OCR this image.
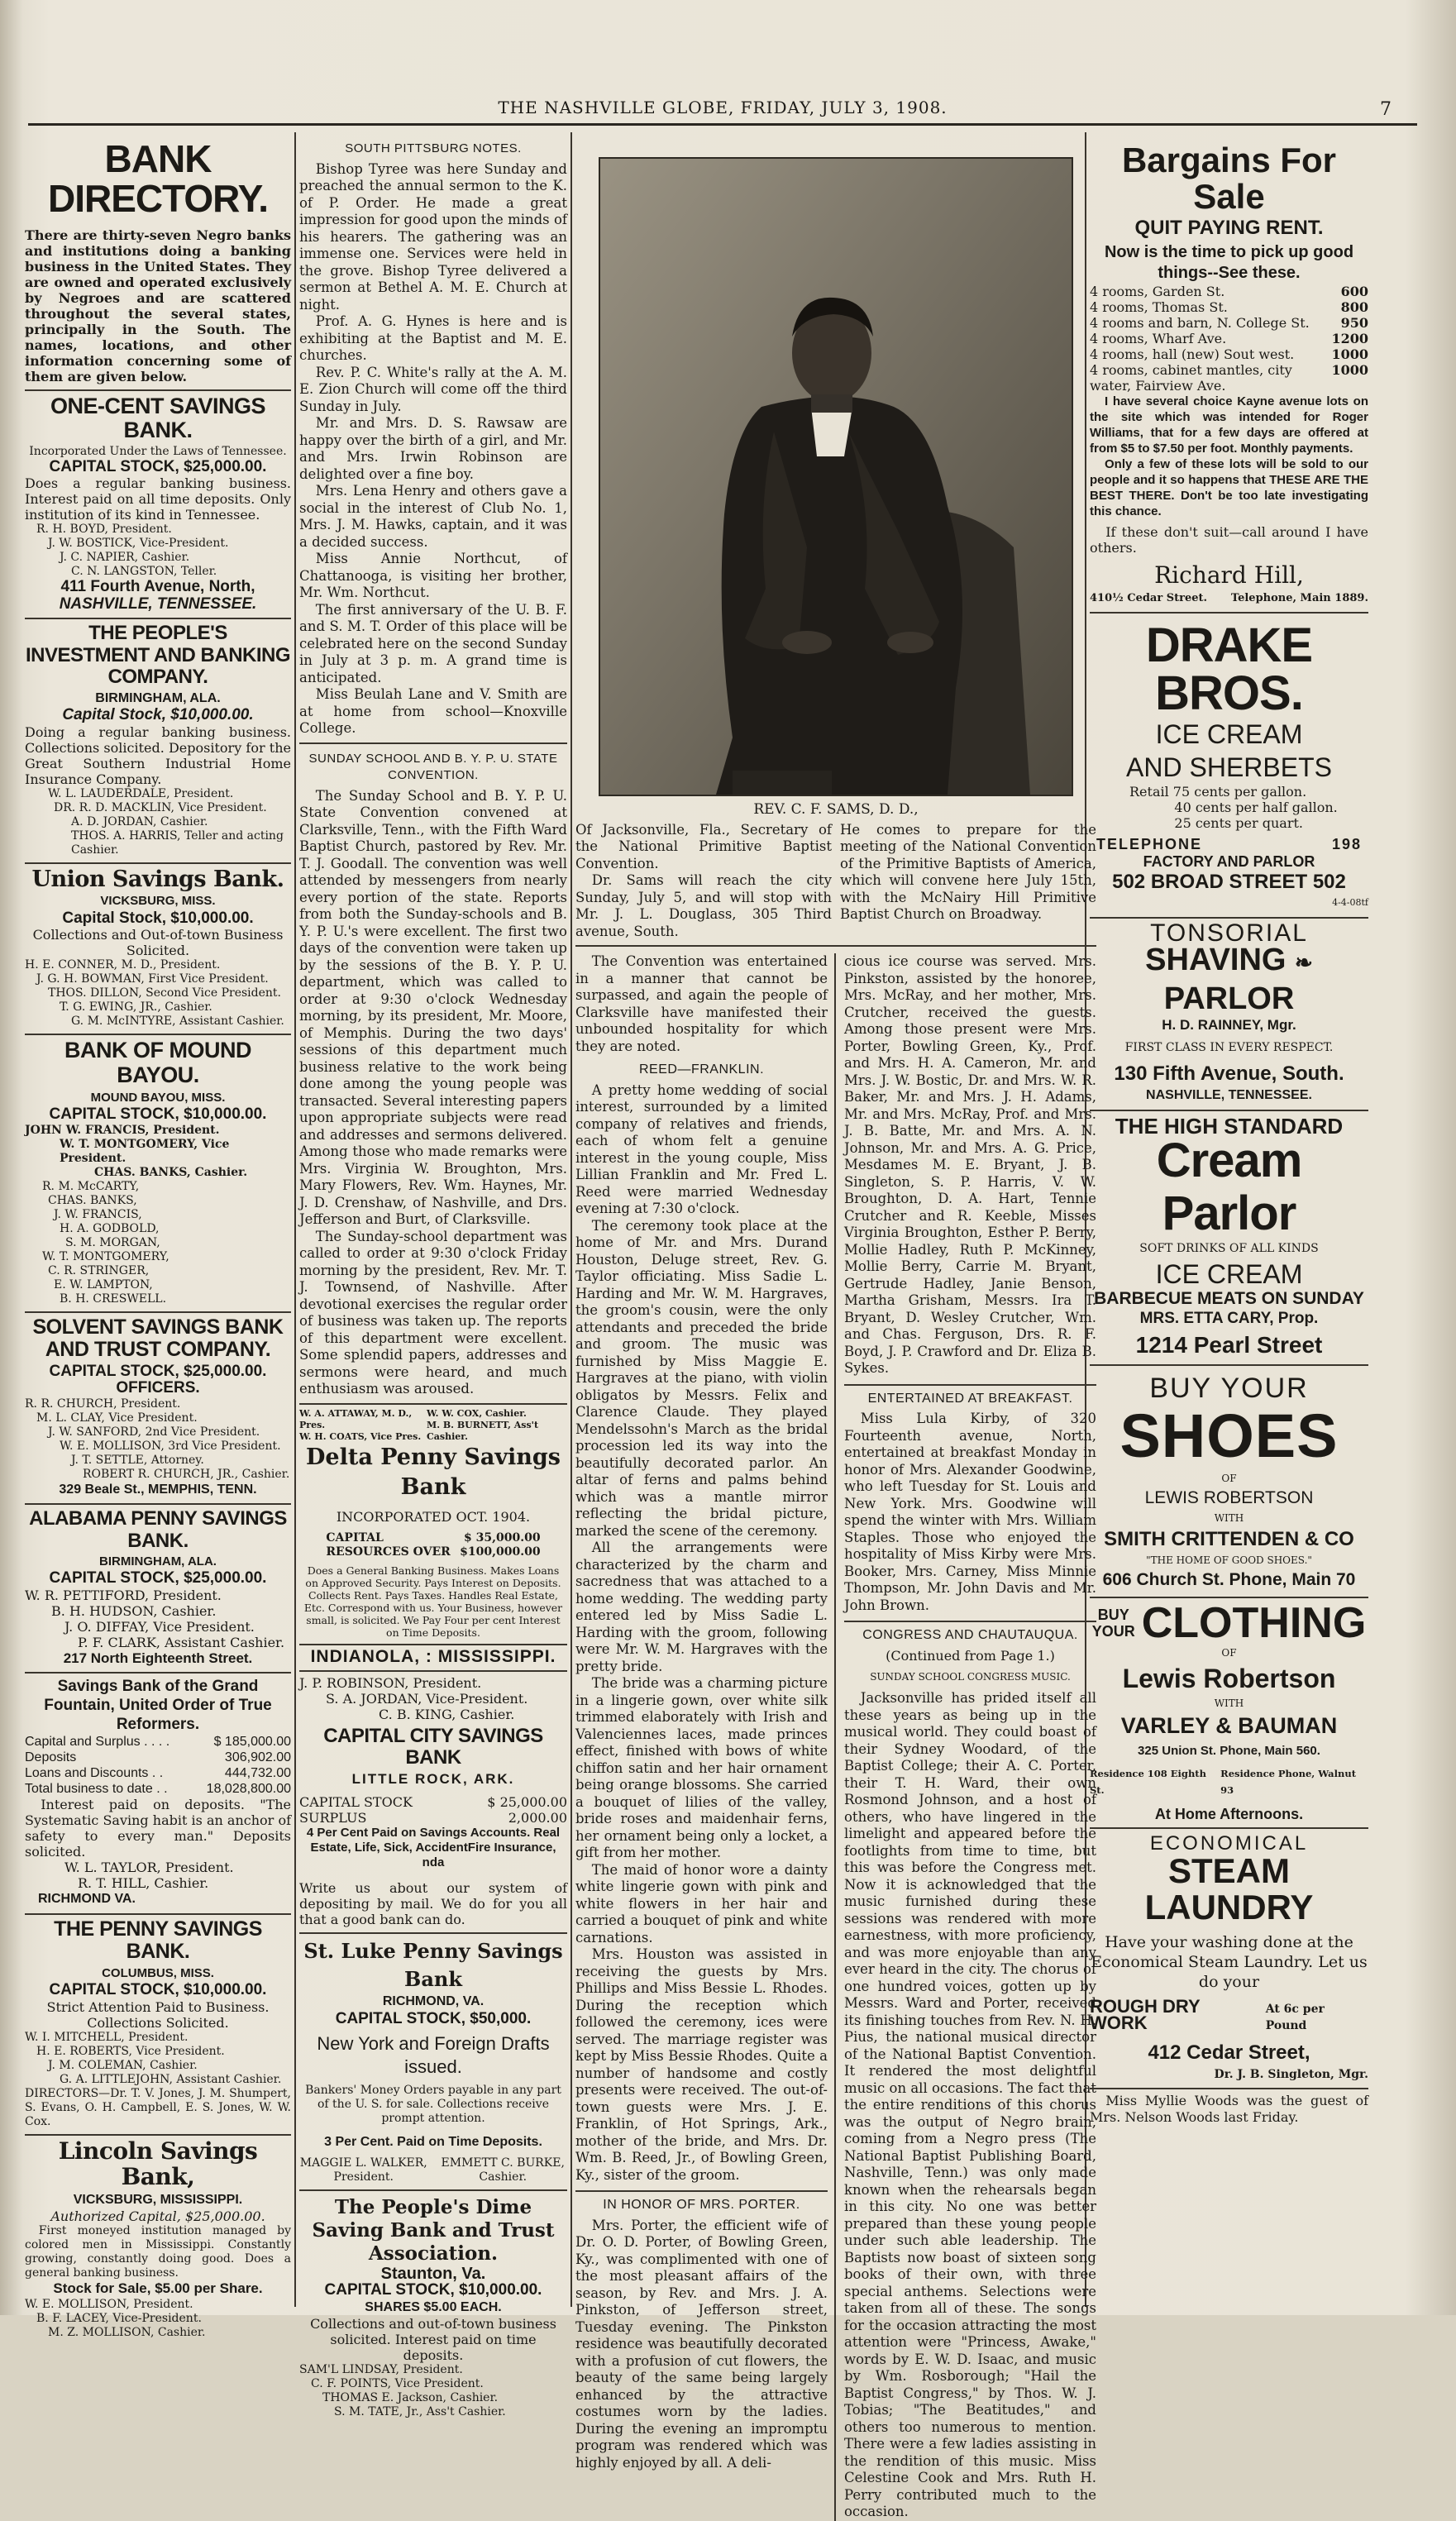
THE NASHVILLE GLOBE, FRIDAY, JULY 3, 1908.	7
BANK DIRECTORY.
There are thirty-seven Negro banks and institutions doing a banking business in the United States. They are owned and operated exclusively by Negroes and are scattered throughout the several states, principally in the South. The names, locations, and other information concerning some of them are given below.
ONE-CENT SAVINGS BANK.
Incorporated Under the Laws of Tennessee.
CAPITAL STOCK, $25,000.00.
Does a regular banking business. Interest paid on all time deposits. Only institution of its kind in Tennessee.
R. H. BOYD, President.
J. W. BOSTICK, Vice-President.
J. C. NAPIER, Cashier.
C. N. LANGSTON, Teller.
411 Fourth Avenue, North,
NASHVILLE, TENNESSEE.
THE PEOPLE'S INVESTMENT AND BANKING COMPANY.
BIRMINGHAM, ALA.
Capital Stock, $10,000.00.
Doing a regular banking business. Collections solicited. Depository for the Great Southern Industrial Home Insurance Company.
W. L. LAUDERDALE, President.
DR. R. D. MACKLIN, Vice President.
A. D. JORDAN, Cashier.
THOS. A. HARRIS, Teller and acting Cashier.
Union Savings Bank.
VICKSBURG, MISS.
Capital Stock, $10,000.00.
Collections and Out-of-town Business Solicited.
H. E. CONNER, M. D., President.
J. G. H. BOWMAN, First Vice President.
THOS. DILLON, Second Vice President.
T. G. EWING, JR., Cashier.
G. M. McINTYRE, Assistant Cashier.
BANK OF MOUND BAYOU.
MOUND BAYOU, MISS.
CAPITAL STOCK, $10,000.00.
JOHN W. FRANCIS, President.
W. T. MONTGOMERY, Vice President.
CHAS. BANKS, Cashier.
R. M. McCARTY,
CHAS. BANKS,
J. W. FRANCIS,
H. A. GODBOLD,
S. M. MORGAN,
W. T. MONTGOMERY,
C. R. STRINGER,
E. W. LAMPTON,
B. H. CRESWELL.
SOLVENT SAVINGS BANK AND TRUST COMPANY.
CAPITAL STOCK, $25,000.00.
OFFICERS.
R. R. CHURCH, President.
M. L. CLAY, Vice President.
J. W. SANFORD, 2nd Vice President.
W. E. MOLLISON, 3rd Vice President.
J. T. SETTLE, Attorney.
ROBERT R. CHURCH, JR., Cashier.
329 Beale St., MEMPHIS, TENN.
ALABAMA PENNY SAVINGS BANK.
BIRMINGHAM, ALA.
CAPITAL STOCK, $25,000.00.
W. R. PETTIFORD, President.
B. H. HUDSON, Cashier.
J. O. DIFFAY, Vice President.
P. F. CLARK, Assistant Cashier.
217 North Eighteenth Street.
Savings Bank of the Grand Fountain, United Order of True Reformers.
Capital and Surplus . . . .	$ 185,000.00
Deposits	306,902.00
Loans and Discounts . .	444,732.00
Total business to date . .	18,028,800.00
Interest paid on deposits. "The Systematic Saving habit is an anchor of safety to every man." Deposits solicited.
W. L. TAYLOR, President.
R. T. HILL, Cashier.
RICHMOND VA.
THE PENNY SAVINGS BANK.
COLUMBUS, MISS.
CAPITAL STOCK, $10,000.00.
Strict Attention Paid to Business. Collections Solicited.
W. I. MITCHELL, President.
H. E. ROBERTS, Vice President.
J. M. COLEMAN, Cashier.
G. A. LITTLEJOHN, Assistant Cashier.
DIRECTORS—Dr. T. V. Jones, J. M. Shumpert, S. Evans, O. H. Campbell, E. S. Jones, W. W. Cox.
Lincoln Savings Bank,
VICKSBURG, MISSISSIPPI.
Authorized Capital, $25,000.00.
First moneyed institution managed by colored men in Mississippi. Constantly growing, constantly doing good. Does a general banking business.
Stock for Sale, $5.00 per Share.
W. E. MOLLISON, President.
B. F. LACEY, Vice-President.
M. Z. MOLLISON, Cashier.
SOUTH PITTSBURG NOTES.

Bishop Tyree was here Sunday and preached the annual sermon to the K. of P. Order. He made a great impression for good upon the minds of his hearers. The gathering was an immense one. Services were held in the grove. Bishop Tyree delivered a sermon at Bethel A. M. E. Church at night.

Prof. A. G. Hynes is here and is exhibiting at the Baptist and M. E. churches.

Rev. P. C. White's rally at the A. M. E. Zion Church will come off the third Sunday in July.

Mr. and Mrs. D. S. Rawsaw are happy over the birth of a girl, and Mr. and Mrs. Irwin Robinson are delighted over a fine boy.

Mrs. Lena Henry and others gave a social in the interest of Club No. 1, Mrs. J. M. Hawks, captain, and it was a decided success.

Miss Annie Northcut, of Chattanooga, is visiting her brother, Mr. Wm. Northcut.

The first anniversary of the U. B. F. and S. M. T. Order of this place will be celebrated here on the second Sunday in July at 3 p. m. A grand time is anticipated.

Miss Beulah Lane and V. Smith are at home from school—Knoxville College.

SUNDAY SCHOOL AND B. Y. P. U. STATE CONVENTION.

The Sunday School and B. Y. P. U. State Convention convened at Clarksville, Tenn., with the Fifth Ward Baptist Church, pastored by Rev. Mr. T. J. Goodall. The convention was well attended by messengers from nearly every portion of the state. Reports from both the Sunday-schools and B. Y. P. U.'s were excellent. The first two days of the convention were taken up by the sessions of the B. Y. P. U. department, which was called to order at 9:30 o'clock Wednesday morning, by its president, Mr. Moore, of Memphis. During the two days' sessions of this department much business relative to the work being done among the young people was transacted. Several interesting papers upon appropriate subjects were read and addresses and sermons delivered. Among those who made remarks were Mrs. Virginia W. Broughton, Mrs. Mary Flowers, Rev. Wm. Haynes, Mr. J. D. Crenshaw, of Nashville, and Drs. Jefferson and Burt, of Clarksville.

The Sunday-school department was called to order at 9:30 o'clock Friday morning by the president, Rev. Mr. T. J. Townsend, of Nashville. After devotional exercises the regular order of business was taken up. The reports of this department were excellent. Some splendid papers, addresses and sermons were heard, and much enthusiasm was aroused.

W. A. ATTAWAY, M. D., Pres.
W. H. COATS, Vice Pres.
W. W. COX, Cashier.
M. B. BURNETT, Ass't Cashier.
Delta Penny Savings Bank
INCORPORATED OCT. 1904.
CAPITAL	$ 35,000.00
RESOURCES OVER	$100,000.00
Does a General Banking Business. Makes Loans on Approved Security. Pays Interest on Deposits. Collects Rent. Pays Taxes. Handles Real Estate, Etc. Correspond with us. Your Business, however small, is solicited. We Pay Four per cent Interest on Time Deposits.
INDIANOLA, : MISSISSIPPI.
J. P. ROBINSON, President.
S. A. JORDAN, Vice-President.
C. B. KING, Cashier.
CAPITAL CITY SAVINGS BANK
LITTLE ROCK, ARK.
CAPITAL STOCK	$ 25,000.00
SURPLUS	2,000.00
4 Per Cent Paid on Savings Accounts. Real Estate, Life, Sick, AccidentFire Insurance, nda
Write us about our system of depositing by mail. We do for you all that a good bank can do.
St. Luke Penny Savings Bank
RICHMOND, VA.
CAPITAL STOCK, $50,000.
New York and Foreign Drafts issued.
Bankers' Money Orders payable in any part of the U. S. for sale. Collections receive prompt attention.
3 Per Cent. Paid on Time Deposits.
MAGGIE L. WALKER, President.
EMMETT C. BURKE, Cashier.
The People's Dime Saving Bank and Trust Association.
Staunton, Va.
CAPITAL STOCK, $10,000.00.
SHARES $5.00 EACH.
Collections and out-of-town business solicited. Interest paid on time deposits.
SAM'L LINDSAY, President.
C. F. POINTS, Vice President.
THOMAS E. Jackson, Cashier.
S. M. TATE, Jr., Ass't Cashier.
REV. C. F. SAMS, D. D.,

Of Jacksonville, Fla., Secretary of the National Primitive Baptist Convention.

Dr. Sams will reach the city Sunday, July 5, and will stop with Mr. J. L. Douglass, 305 Third avenue, South.

He comes to prepare for the meeting of the National Convention of the Primitive Baptists of America, which will convene here July 15th, with the McNairy Hill Primitive Baptist Church on Broadway.

The Convention was entertained in a manner that cannot be surpassed, and again the people of Clarksville have manifested their unbounded hospitality for which they are noted.

REED—FRANKLIN.

A pretty home wedding of social interest, surrounded by a limited company of relatives and friends, each of whom felt a genuine interest in the young couple, Miss Lillian Franklin and Mr. Fred L. Reed were married Wednesday evening at 7:30 o'clock.

The ceremony took place at the home of Mr. and Mrs. Durand Houston, Deluge street, Rev. G. Taylor officiating. Miss Sadie L. Harding and Mr. W. M. Hargraves, the groom's cousin, were the only attendants and preceded the bride and groom. The music was furnished by Miss Maggie E. Hargraves at the piano, with violin obligatos by Messrs. Felix and Clarence Claude. They played Mendelssohn's March as the bridal procession led its way into the beautifully decorated parlor. An altar of ferns and palms behind which was a mantle mirror reflecting the bridal picture, marked the scene of the ceremony.

All the arrangements were characterized by the charm and sacredness that was attached to a home wedding. The wedding party entered led by Miss Sadie L. Harding with the groom, following were Mr. W. M. Hargraves with the pretty bride.

The bride was a charming picture in a lingerie gown, over white silk trimmed elaborately with Irish and Valenciennes laces, made princes effect, finished with bows of white chiffon satin and her hair ornament being orange blossoms. She carried a bouquet of lilies of the valley, bride roses and maidenhair ferns, her ornament being only a locket, a gift from her mother.

The maid of honor wore a dainty white lingerie gown with pink and white flowers in her hair and carried a bouquet of pink and white carnations.

Mrs. Houston was assisted in receiving the guests by Mrs. Phillips and Miss Bessie L. Rhodes. During the reception which followed the ceremony, ices were served. The marriage register was kept by Miss Bessie Rhodes. Quite a number of handsome and costly presents were received. The out-of-town guests were Mrs. J. E. Franklin, of Hot Springs, Ark., mother of the bride, and Mrs. Dr. Wm. B. Reed, Jr., of Bowling Green, Ky., sister of the groom.

IN HONOR OF MRS. PORTER.

Mrs. Porter, the efficient wife of Dr. O. D. Porter, of Bowling Green, Ky., was complimented with one of the most pleasant affairs of the season, by Rev. and Mrs. J. A. Pinkston, of Jefferson street, Tuesday evening. The Pinkston residence was beautifully decorated with a profusion of cut flowers, the beauty of the same being largely enhanced by the attractive costumes worn by the ladies. During the evening an impromptu program was rendered which was highly enjoyed by all. A deli-

cious ice course was served. Mrs. Pinkston, assisted by the honoree, Mrs. McRay, and her mother, Mrs. Crutcher, received the guests. Among those present were Mrs. Porter, Bowling Green, Ky., Prof. and Mrs. H. A. Cameron, Mr. and Mrs. J. W. Bostic, Dr. and Mrs. W. R. Baker, Mr. and Mrs. J. H. Adams, Mr. and Mrs. McRay, Prof. and Mrs. J. B. Batte, Mr. and Mrs. A. N. Johnson, Mr. and Mrs. A. G. Price, Mesdames M. E. Bryant, J. B. Singleton, S. P. Harris, V. W. Broughton, D. A. Hart, Tennie Crutcher and R. Keeble, Misses Virginia Broughton, Esther P. Berry, Mollie Hadley, Ruth P. McKinney, Mollie Berry, Carrie M. Bryant, Gertrude Hadley, Janie Benson, Martha Grisham, Messrs. Ira T. Bryant, D. Wesley Crutcher, Wm. and Chas. Ferguson, Drs. R. F. Boyd, J. P. Crawford and Dr. Eliza B. Sykes.

ENTERTAINED AT BREAKFAST.

Miss Lula Kirby, of 320 Fourteenth avenue, North, entertained at breakfast Monday in honor of Mrs. Alexander Goodwine, who left Tuesday for St. Louis and New York. Mrs. Goodwine will spend the winter with Mrs. William Staples. Those who enjoyed the hospitality of Miss Kirby were Mrs. Booker, Mrs. Carney, Miss Minnie Thompson, Mr. John Davis and Mr. John Brown.

CONGRESS AND CHAUTAUQUA.
(Continued from Page 1.)
SUNDAY SCHOOL CONGRESS MUSIC.

Jacksonville has prided itself all these years as being up in the musical world. They could boast of their Sydney Woodard, of the Baptist College; their A. C. Porter, their T. H. Ward, their own Rosmond Johnson, and a host of others, who have lingered in the limelight and appeared before the footlights from time to time, but this was before the Congress met. Now it is acknowledged that the music furnished during these sessions was rendered with more earnestness, with more proficiency, and was more enjoyable than any ever heard in the city. The chorus of one hundred voices, gotten up by Messrs. Ward and Porter, received its finishing touches from Rev. N. H. Pius, the national musical director of the National Baptist Convention. It rendered the most delightful music on all occasions. The fact that the entire renditions of this chorus was the output of Negro brain, coming from a Negro press (The National Baptist Publishing Board, Nashville, Tenn.) was only made known when the rehearsals began in this city. No one was better prepared than these young people under such able leadership. The Baptists now boast of sixteen song books of their own, with three special anthems. Selections were taken from all of these. The songs for the occasion attracting the most attention were "Princess, Awake," words by E. W. D. Isaac, and music by Wm. Rosborough; "Hail the Baptist Congress," by Thos. W. J. Tobias; "The Beatitudes," and others too numerous to mention. There were a few ladies assisting in the rendition of this music. Miss Celestine Cook and Mrs. Ruth H. Perry contributed much to the occasion.

Bargains For Sale
QUIT PAYING RENT.
Now is the time to pick up good things--See these.
4 rooms, Garden St.	600
4 rooms, Thomas St.	800
4 rooms and barn, N. College St.	950
4 rooms, Wharf Ave.	1200
4 rooms, hall (new) Sout west.	1000
4 rooms, cabinet mantles, city water, Fairview Ave.	1000
I have several choice Kayne avenue lots on the site which was intended for Roger Williams, that for a few days are offered at from $5 to $7.50 per foot. Monthly payments.
Only a few of these lots will be sold to our people and it so happens that THESE ARE THE BEST THERE. Don't be too late investigating this chance.
If these don't suit—call around I have others.
Richard Hill,
410½ Cedar Street. Telephone, Main 1889.
DRAKE BROS.
ICE CREAM
AND SHERBETS
Retail 75 cents per gallon.
40 cents per half gallon.
25 cents per quart.
TELEPHONE	198
FACTORY AND PARLOR
502 BROAD STREET 502
4-4-08tf
TONSORIAL
SHAVING ❧ PARLOR
H. D. RAINNEY, Mgr.
FIRST CLASS IN EVERY RESPECT.
130 Fifth Avenue, South.
NASHVILLE, TENNESSEE.
THE HIGH STANDARD
Cream Parlor
SOFT DRINKS OF ALL KINDS
ICE CREAM
BARBECUE MEATS ON SUNDAY
MRS. ETTA CARY, Prop.
1214 Pearl Street
BUY YOUR
SHOES
OF
LEWIS ROBERTSON
WITH
SMITH CRITTENDEN & CO
"THE HOME OF GOOD SHOES."
606 Church St. Phone, Main 70
BUY
YOUR CLOTHING
OF
Lewis Robertson
WITH
VARLEY & BAUMAN
325 Union St. Phone, Main 560.
Residence 108 Eighth St.
Residence Phone, Walnut 93
At Home Afternoons.
ECONOMICAL
STEAM LAUNDRY
Have your washing done at the Economical Steam Laundry. Let us do your
ROUGH DRY WORK
At 6c per Pound
412 Cedar Street,
Dr. J. B. Singleton, Mgr.
Miss Myllie Woods was the guest of Mrs. Nelson Woods last Friday.
